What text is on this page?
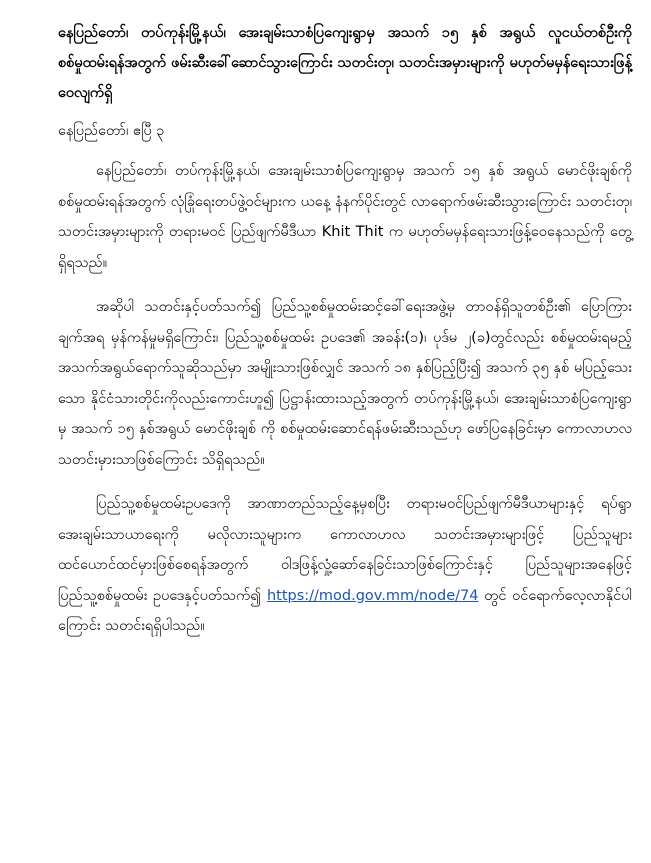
နေပြည်တော်၊ တပ်ကုန်းမြို့နယ်၊ အေးချမ်းသာစံပြကျေးရွာမှ အသက် ၁၅ နှစ် အရွယ် လူငယ်တစ်ဦးကို စစ်မှုထမ်းရန်အတွက် ဖမ်းဆီးခေါ်ဆောင်သွားကြောင်း သတင်းတု၊ သတင်းအမှားများကို မဟုတ်မမှန်ရေးသားဖြန့်ဝေလျက်ရှိ

နေပြည်တော်၊ ဧပြီ ၃

နေပြည်တော်၊ တပ်ကုန်းမြို့နယ်၊ အေးချမ်းသာစံပြကျေးရွာမှ အသက် ၁၅ နှစ် အရွယ် မောင်ဖိုးချစ်ကို စစ်မှုထမ်းရန်အတွက် လုံခြုံရေးတပ်ဖွဲ့ဝင်များက ယနေ့ နံနက်ပိုင်းတွင် လာရောက်ဖမ်းဆီးသွားကြောင်း သတင်းတု၊ သတင်းအမှားများကို တရားမဝင် ပြည်ဖျက်မီဒီယာ Khit Thit က မဟုတ်မမှန်ရေးသားဖြန့်ဝေနေသည်ကို တွေ့ရှိရသည်။

အဆိုပါ သတင်းနှင့်ပတ်သက်၍ ပြည်သူ့စစ်မှုထမ်းဆင့်ခေါ်ရေးအဖွဲ့မှ တာဝန်ရှိသူတစ်ဦး၏ ပြောကြားချက်အရ မှန်ကန်မှုမရှိကြောင်း၊ ပြည်သူ့စစ်မှုထမ်း ဥပဒေ၏ အခန်း(၁)၊ ပုဒ်မ ၂(ခ)တွင်လည်း စစ်မှုထမ်းရမည့် အသက်အရွယ်ရောက်သူဆိုသည်မှာ အမျိုးသားဖြစ်လျှင် အသက် ၁၈ နှစ်ပြည့်ပြီး၍ အသက် ၃၅ နှစ် မပြည့်သေးသော နိုင်ငံသားတိုင်းကိုလည်းကောင်းဟူ၍ ပြဋ္ဌာန်းထားသည့်အတွက် တပ်ကုန်းမြို့နယ်၊ အေးချမ်းသာစံပြကျေးရွာမှ အသက် ၁၅ နှစ်အရွယ် မောင်ဖိုးချစ် ကို စစ်မှုထမ်းဆောင်ရန်ဖမ်းဆီးသည်ဟု ဖော်ပြနေခြင်းမှာ ကောလာဟလ သတင်းမှားသာဖြစ်ကြောင်း သိရှိရသည်။

ပြည်သူ့စစ်မှုထမ်းဥပဒေကို အာဏာတည်သည့်နေ့မှစပြီး တရားမဝင်ပြည်ဖျက်မီဒီယာများနှင့် ရပ်ရွာအေးချမ်းသာယာရေးကို မလိုလားသူများက ကောလာဟလ သတင်းအမှားများဖြင့် ပြည်သူများ ထင်ယောင်ထင်မှားဖြစ်စေရန်အတွက် ဝါဒဖြန့်လှုံ့ဆော်နေခြင်းသာဖြစ်ကြောင်းနှင့် ပြည်သူများအနေဖြင့် ပြည်သူ့စစ်မှုထမ်း ဥပဒေနှင့်ပတ်သက်၍ https://mod.gov.mm/node/74 တွင် ဝင်ရောက်လေ့လာနိုင်ပါကြောင်း သတင်းရရှိပါသည်။
